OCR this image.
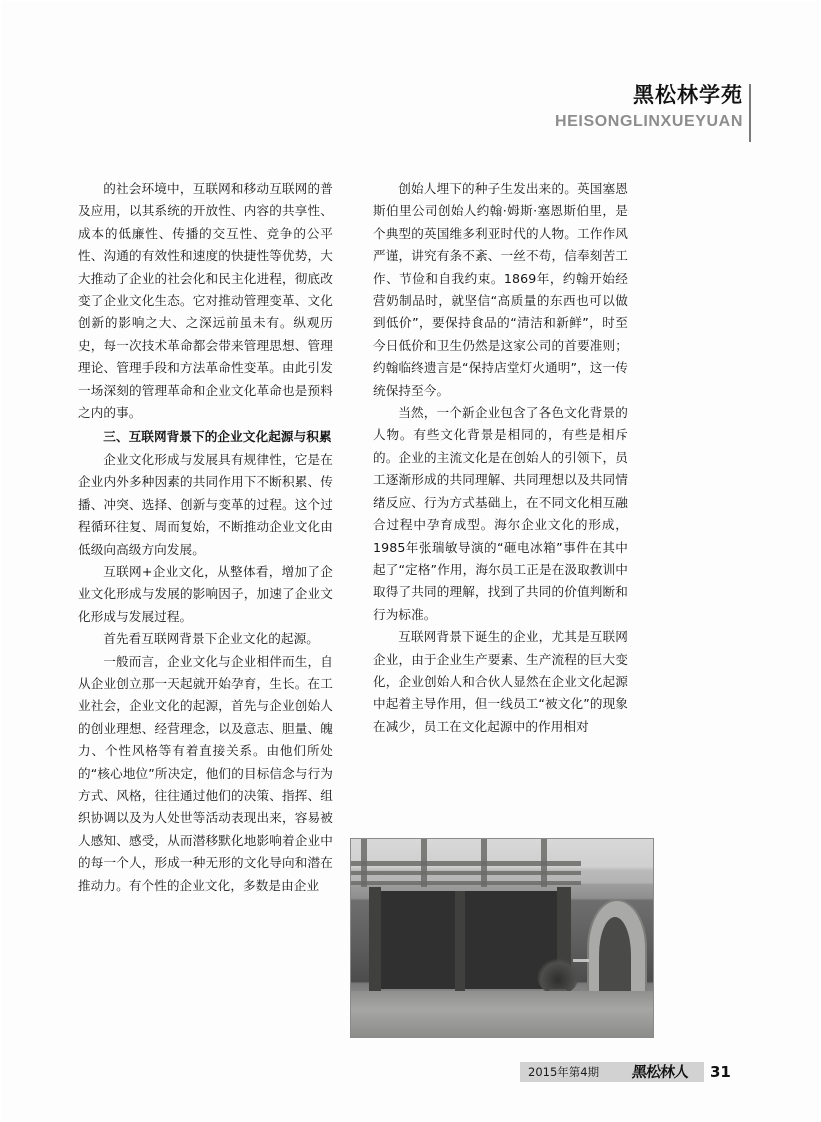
黑松林学苑
HEISONGLINXUEYUAN

的社会环境中，互联网和移动互联网的普及应用，以其系统的开放性、内容的共享性、成本的低廉性、传播的交互性、竞争的公平性、沟通的有效性和速度的快捷性等优势，大大推动了企业的社会化和民主化进程，彻底改变了企业文化生态。它对推动管理变革、文化创新的影响之大、之深远前虽未有。纵观历史，每一次技术革命都会带来管理思想、管理理论、管理手段和方法革命性变革。由此引发一场深刻的管理革命和企业文化革命也是预料之内的事。

三、互联网背景下的企业文化起源与积累

企业文化形成与发展具有规律性，它是在企业内外多种因素的共同作用下不断积累、传播、冲突、选择、创新与变革的过程。这个过程循环往复、周而复始，不断推动企业文化由低级向高级方向发展。

互联网+企业文化，从整体看，增加了企业文化形成与发展的影响因子，加速了企业文化形成与发展过程。

首先看互联网背景下企业文化的起源。

一般而言，企业文化与企业相伴而生，自从企业创立那一天起就开始孕育，生长。在工业社会，企业文化的起源，首先与企业创始人的创业理想、经营理念，以及意志、胆量、魄力、个性风格等有着直接关系。由他们所处的“核心地位”所决定，他们的目标信念与行为方式、风格，往往通过他们的决策、指挥、组织协调以及为人处世等活动表现出来，容易被人感知、感受，从而潜移默化地影响着企业中的每一个人，形成一种无形的文化导向和潜在推动力。有个性的企业文化，多数是由企业

创始人埋下的种子生发出来的。英国塞恩斯伯里公司创始人约翰·姆斯·塞恩斯伯里，是个典型的英国维多利亚时代的人物。工作作风严谨，讲究有条不紊、一丝不苟，信奉刻苦工作、节俭和自我约束。1869年，约翰开始经营奶制品时，就坚信“高质量的东西也可以做到低价”，要保持食品的“清洁和新鲜”，时至今日低价和卫生仍然是这家公司的首要准则；约翰临终遗言是“保持店堂灯火通明”，这一传统保持至今。

当然，一个新企业包含了各色文化背景的人物。有些文化背景是相同的，有些是相斥的。企业的主流文化是在创始人的引领下，员工逐渐形成的共同理解、共同理想以及共同情绪反应、行为方式基础上，在不同文化相互融合过程中孕育成型。海尔企业文化的形成，1985年张瑞敏导演的“砸电冰箱”事件在其中起了“定格”作用，海尔员工正是在汲取教训中取得了共同的理解，找到了共同的价值判断和行为标准。

互联网背景下诞生的企业，尤其是互联网企业，由于企业生产要素、生产流程的巨大变化，企业创始人和合伙人显然在企业文化起源中起着主导作用，但一线员工“被文化”的现象在减少，员工在文化起源中的作用相对

2015年第4期 黑松林人 31
